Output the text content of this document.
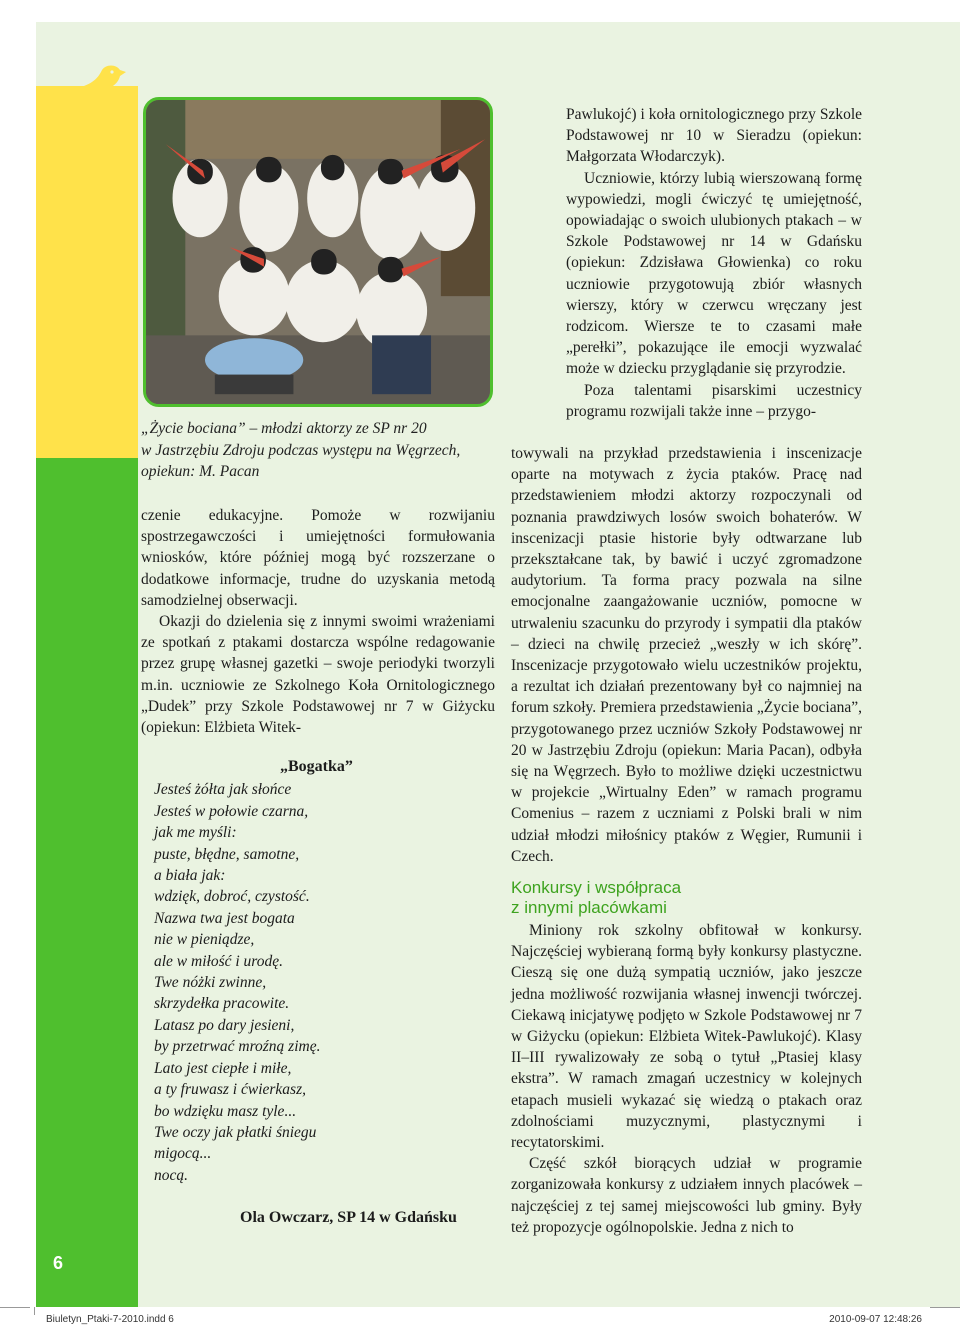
6
„Życie bociana” – młodzi aktorzy ze SP nr 20
w Jastrzębiu Zdroju podczas występu na Węgrzech,
opiekun: M. Pacan

czenie edukacyjne. Pomoże w rozwijaniu spostrzegawczości i umiejętności formułowania wniosków, które później mogą być rozszerzane o dodatkowe informacje, trudne do uzyskania metodą samodzielnej obserwacji.

Okazji do dzielenia się z innymi swoimi wrażeniami ze spotkań z ptakami dostarcza wspólne redagowanie przez grupę własnej gazetki – swoje periodyki tworzyli m.in. uczniowie ze Szkolnego Koła Ornitologicznego „Dudek” przy Szkole Podstawowej nr 7 w Giżycku (opiekun: Elżbieta Witek-

„Bogatka”
Jesteś żółta jak słońce
Jesteś w połowie czarna,
jak me myśli:
puste, błędne, samotne,
a biała jak:
wdzięk, dobroć, czystość.
Nazwa twa jest bogata
nie w pieniądze,
ale w miłość i urodę.
Twe nóżki zwinne,
skrzydełka pracowite.
Latasz po dary jesieni,
by przetrwać mroźną zimę.
Lato jest ciepłe i miłe,
a ty fruwasz i ćwierkasz,
bo wdzięku masz tyle...
Twe oczy jak płatki śniegu
migocą...
nocą.
Ola Owczarz, SP 14 w Gdańsku

Pawlukojć) i koła ornitologicznego przy Szkole Podstawowej nr 10 w Sieradzu (opiekun: Małgorzata Włodarczyk).

Uczniowie, którzy lubią wierszowaną formę wypowiedzi, mogli ćwiczyć tę umiejętność, opowiadając o swoich ulubionych ptakach – w Szkole Podstawowej nr 14 w Gdańsku (opiekun: Zdzisława Głowienka) co roku uczniowie przygotowują zbiór własnych wierszy, który w czerwcu wręczany jest rodzicom. Wiersze te to czasami małe „perełki”, pokazujące ile emocji wyzwalać może w dziecku przyglądanie się przyrodzie.

Poza talentami pisarskimi uczestnicy programu rozwijali także inne – przygo-

towywali na przykład przedstawienia i inscenizacje oparte na motywach z życia ptaków. Pracę nad przedstawieniem młodzi aktorzy rozpoczynali od poznania prawdziwych losów swoich bohaterów. W inscenizacji ptasie historie były odtwarzane lub przekształcane tak, by bawić i uczyć zgromadzone audytorium. Ta forma pracy pozwala na silne emocjonalne zaangażowanie uczniów, pomocne w utrwaleniu szacunku do przyrody i sympatii dla ptaków – dzieci na chwilę przecież „weszły w ich skórę”. Inscenizacje przygotowało wielu uczestników projektu, a rezultat ich działań prezentowany był co najmniej na forum szkoły. Premiera przedstawienia „Życie bociana”, przygotowanego przez uczniów Szkoły Podstawowej nr 20 w Jastrzębiu Zdroju (opiekun: Maria Pacan), odbyła się na Węgrzech. Było to możliwe dzięki uczestnictwu w projekcie „Wirtualny Eden” w ramach programu Comenius – razem z uczniami z Polski brali w nim udział młodzi miłośnicy ptaków z Węgier, Rumunii i Czech.

Konkursy i współpraca
z innymi placówkami

Miniony rok szkolny obfitował w konkursy. Najczęściej wybieraną formą były konkursy plastyczne. Cieszą się one dużą sympatią uczniów, jako jeszcze jedna możliwość rozwijania własnej inwencji twórczej. Ciekawą inicjatywę podjęto w Szkole Podstawowej nr 7 w Giżycku (opiekun: Elżbieta Witek-Pawlukojć). Klasy II–III rywalizowały ze sobą o tytuł „Ptasiej klasy ekstra”. W ramach zmagań uczestnicy w kolejnych etapach musieli wykazać się wiedzą o ptakach oraz zdolnościami muzycznymi, plastycznymi i recytatorskimi.

Część szkół biorących udział w programie zorganizowała konkursy z udziałem innych placówek – najczęściej z tej samej miejscowości lub gminy. Były też propozycje ogólnopolskie. Jedna z nich to

Biuletyn_Ptaki-7-2010.indd 6	2010-09-07 12:48:26
